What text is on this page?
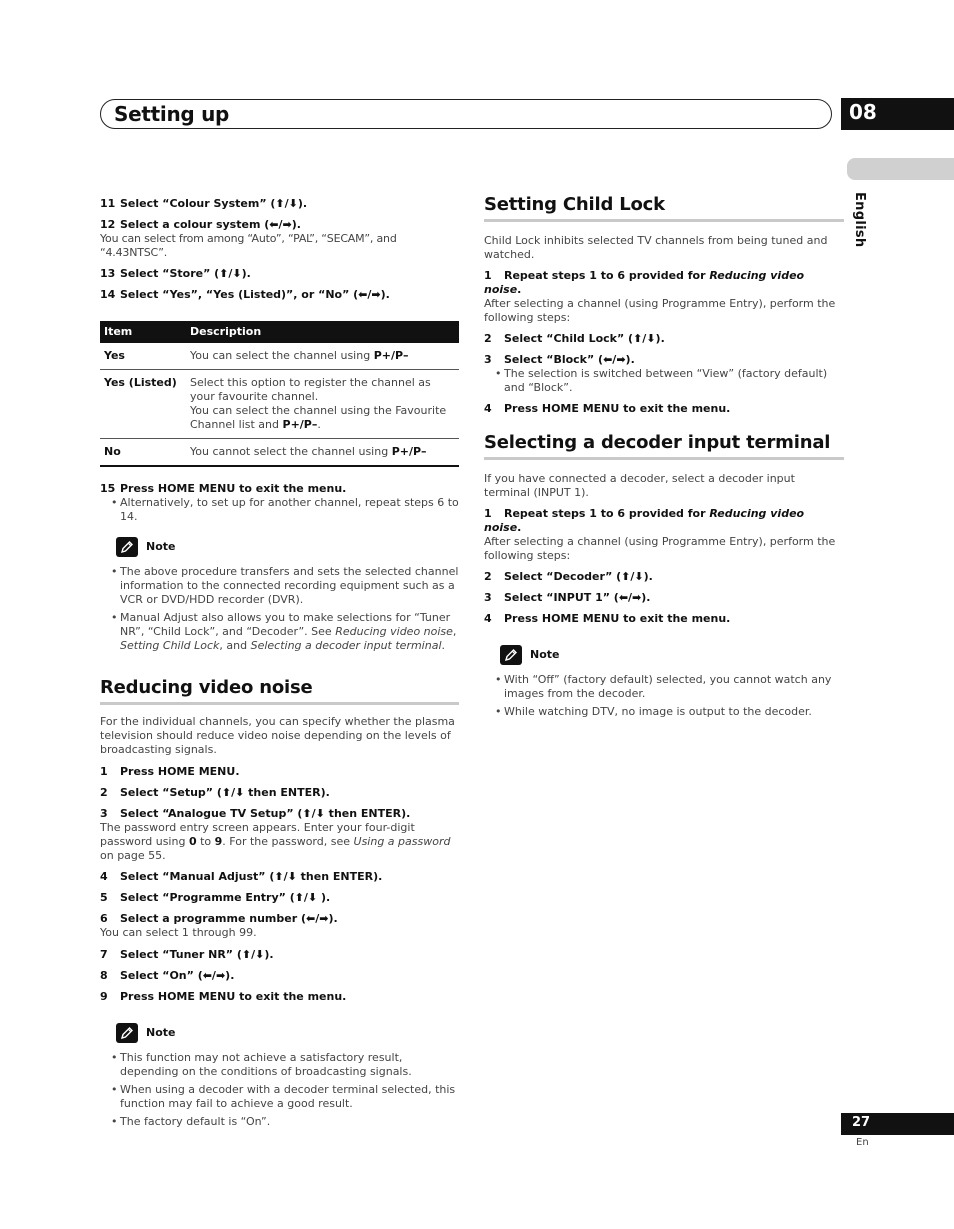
Setting up	08
English

11 Select “Colour System” (⬆/⬇).

12 Select a colour system (⬅/➡).

You can select from among “Auto”, “PAL”, “SECAM”, and “4.43NTSC”.

13 Select “Store” (⬆/⬇).

14 Select “Yes”, “Yes (Listed)”, or “No” (⬅/➡).

Item	Description
Yes	You can select the channel using P+/P–
Yes (Listed)	Select this option to register the channel as your favourite channel.
You can select the channel using the Favourite Channel list and P+/P–.
No	You cannot select the channel using P+/P–

15 Press HOME MENU to exit the menu.

• Alternatively, to set up for another channel, repeat steps 6 to 14.

Note

• The above procedure transfers and sets the selected channel information to the connected recording equipment such as a VCR or DVD/HDD recorder (DVR).

• Manual Adjust also allows you to make selections for “Tuner NR”, “Child Lock”, and “Decoder”. See Reducing video noise, Setting Child Lock, and Selecting a decoder input terminal.

Reducing video noise

For the individual channels, you can specify whether the plasma television should reduce video noise depending on the levels of broadcasting signals.

1 Press HOME MENU.

2 Select “Setup” (⬆/⬇ then ENTER).

3 Select “Analogue TV Setup” (⬆/⬇ then ENTER).

The password entry screen appears. Enter your four-digit password using 0 to 9. For the password, see Using a password on page 55.

4 Select “Manual Adjust” (⬆/⬇ then ENTER).

5 Select “Programme Entry” (⬆/⬇ ).

6 Select a programme number (⬅/➡).

You can select 1 through 99.

7 Select “Tuner NR” (⬆/⬇).

8 Select “On” (⬅/➡).

9 Press HOME MENU to exit the menu.

Note

• This function may not achieve a satisfactory result, depending on the conditions of broadcasting signals.

• When using a decoder with a decoder terminal selected, this function may fail to achieve a good result.

• The factory default is “On”.

Setting Child Lock

Child Lock inhibits selected TV channels from being tuned and watched.

1 Repeat steps 1 to 6 provided for Reducing video noise.

After selecting a channel (using Programme Entry), perform the following steps:

2 Select “Child Lock” (⬆/⬇).

3 Select “Block” (⬅/➡).

• The selection is switched between “View” (factory default) and “Block”.

4 Press HOME MENU to exit the menu.

Selecting a decoder input terminal

If you have connected a decoder, select a decoder input terminal (INPUT 1).

1 Repeat steps 1 to 6 provided for Reducing video noise.

After selecting a channel (using Programme Entry), perform the following steps:

2 Select “Decoder” (⬆/⬇).

3 Select “INPUT 1” (⬅/➡).

4 Press HOME MENU to exit the menu.

Note

• With “Off” (factory default) selected, you cannot watch any images from the decoder.

• While watching DTV, no image is output to the decoder.

27
En
